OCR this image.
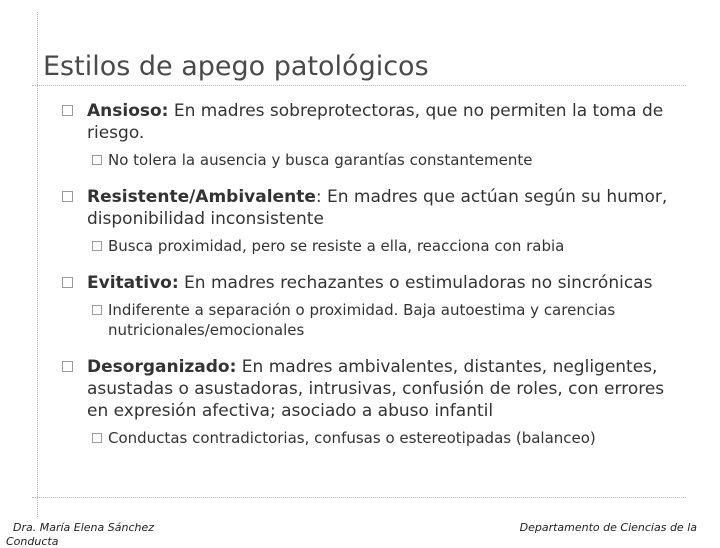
Estilos de apego patológicos
Ansioso: En madres sobreprotectoras, que no permiten la toma de riesgo.
No tolera la ausencia y busca garantías constantemente
Resistente/Ambivalente: En madres que actúan según su humor, disponibilidad inconsistente
Busca proximidad, pero se resiste a ella, reacciona con rabia
Evitativo: En madres rechazantes o estimuladoras no sincrónicas
Indiferente a separación o proximidad. Baja autoestima y carencias nutricionales/emocionales
Desorganizado: En madres ambivalentes, distantes, negligentes, asustadas o asustadoras, intrusivas, confusión de roles, con errores en expresión afectiva; asociado a abuso infantil
Conductas contradictorias, confusas o estereotipadas (balanceo)
Dra. María Elena Sánchez	Departamento de Ciencias de la
Conducta
